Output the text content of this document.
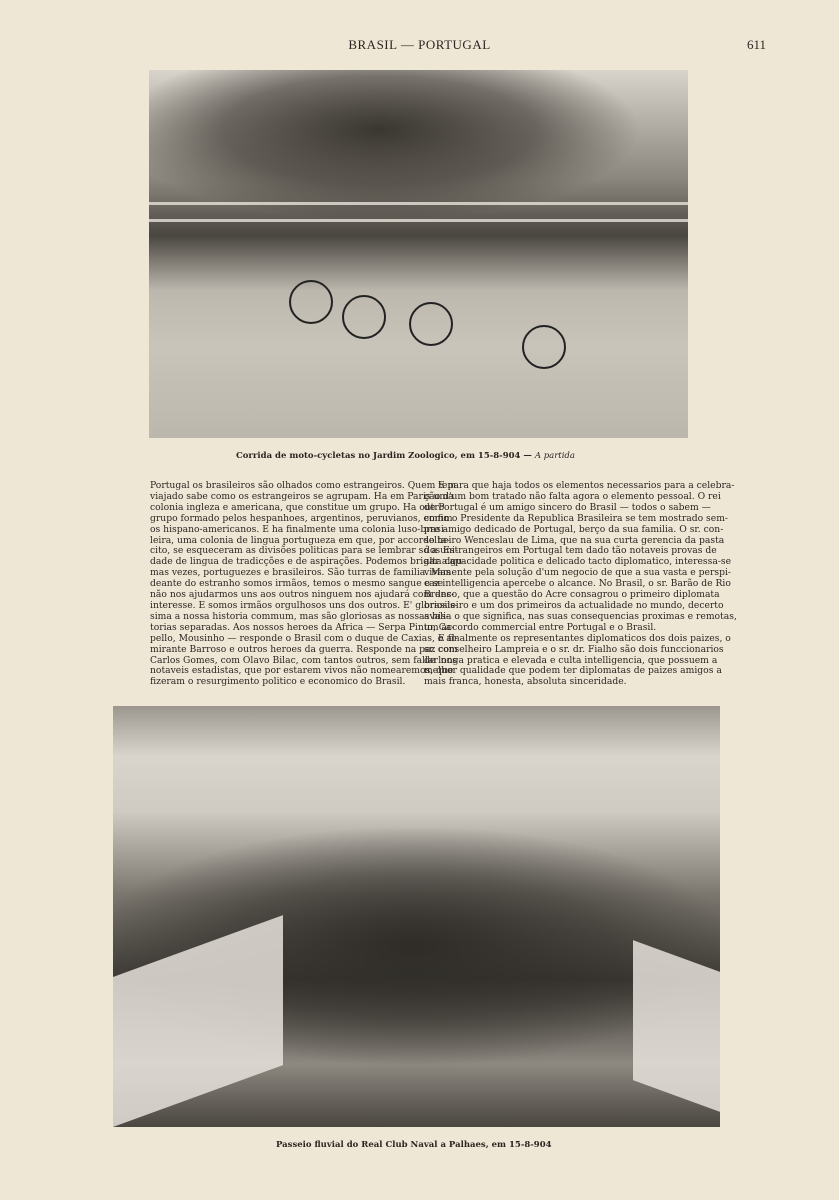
BRASIL — PORTUGAL	611
Corrida de moto-cycletas no Jardim Zoologico, em 15-8-904 — A partida
Portugal os brasileiros são olhados como estrangeiros. Quem tem
viajado sabe como os estrangeiros se agrupam. Ha em Paris uma
colonia ingleza e americana, que constitue um grupo. Ha outro
grupo formado pelos hespanhoes, argentinos, peruvianos, emfim
os hispano-americanos. E ha finalmente uma colonia luso-brasi-
leira, uma colonia de lingua portugueza em que, por accordo ta-
cito, se esqueceram as divisões politicas para se lembrar só a uni-
dade de lingua de tradicções e de aspirações. Podemos brigar algu-
mas vezes, portuguezes e brasileiros. São turras de familia. Mas
deante do estranho somos irmãos, temos o mesmo sangue e se
não nos ajudarmos uns aos outros ninguem nos ajudará com des-
interesse. E somos irmãos orgulhosos uns dos outros. E' gloriosis-
sima a nossa historia commum, mas são gloriosas as nossas his-
torias separadas. Aos nossos heroes da Africa — Serpa Pinto, Ca-
pello, Mousinho — responde o Brasil com o duque de Caxias, o al-
mirante Barroso e outros heroes da guerra. Responde na paz com
Carlos Gomes, com Olavo Bilac, com tantos outros, sem fallar nos
notaveis estadistas, que por estarem vivos não nomearemos, que
fizeram o resurgimento politico e economico do Brasil.
E para que haja todos os elementos necessarios para a celebra-
ção d'um bom tratado não falta agora o elemento pessoal. O rei
de Portugal é um amigo sincero do Brasil — todos o sabem —
como o Presidente da Republica Brasileira se tem mostrado sem-
pre amigo dedicado de Portugal, berço da sua familia. O sr. con-
selheiro Wenceslau de Lima, que na sua curta gerencia da pasta
dos Estrangeiros em Portugal tem dado tão notaveis provas de
alta capacidade politica e delicado tacto diplomatico, interessa-se
vivamente pela solução d'um negocio de que a sua vasta e perspi-
caz intelligencia apercebe o alcance. No Brasil, o sr. Barão de Rio
Branco, que a questão do Acre consagrou o primeiro diplomata
brasileiro e um dos primeiros da actualidade no mundo, decerto
avalia o que significa, nas suas consequencias proximas e remotas,
um accordo commercial entre Portugal e o Brasil.
E finalmente os representantes diplomaticos dos dois paizes, o
sr. conselheiro Lampreia e o sr. dr. Fialho são dois funccionarios
de longa pratica e elevada e culta intelligencia, que possuem a
melhor qualidade que podem ter diplomatas de paizes amigos a
mais franca, honesta, absoluta sinceridade.
Passeio fluvial do Real Club Naval a Palhaes, em 15-8-904
